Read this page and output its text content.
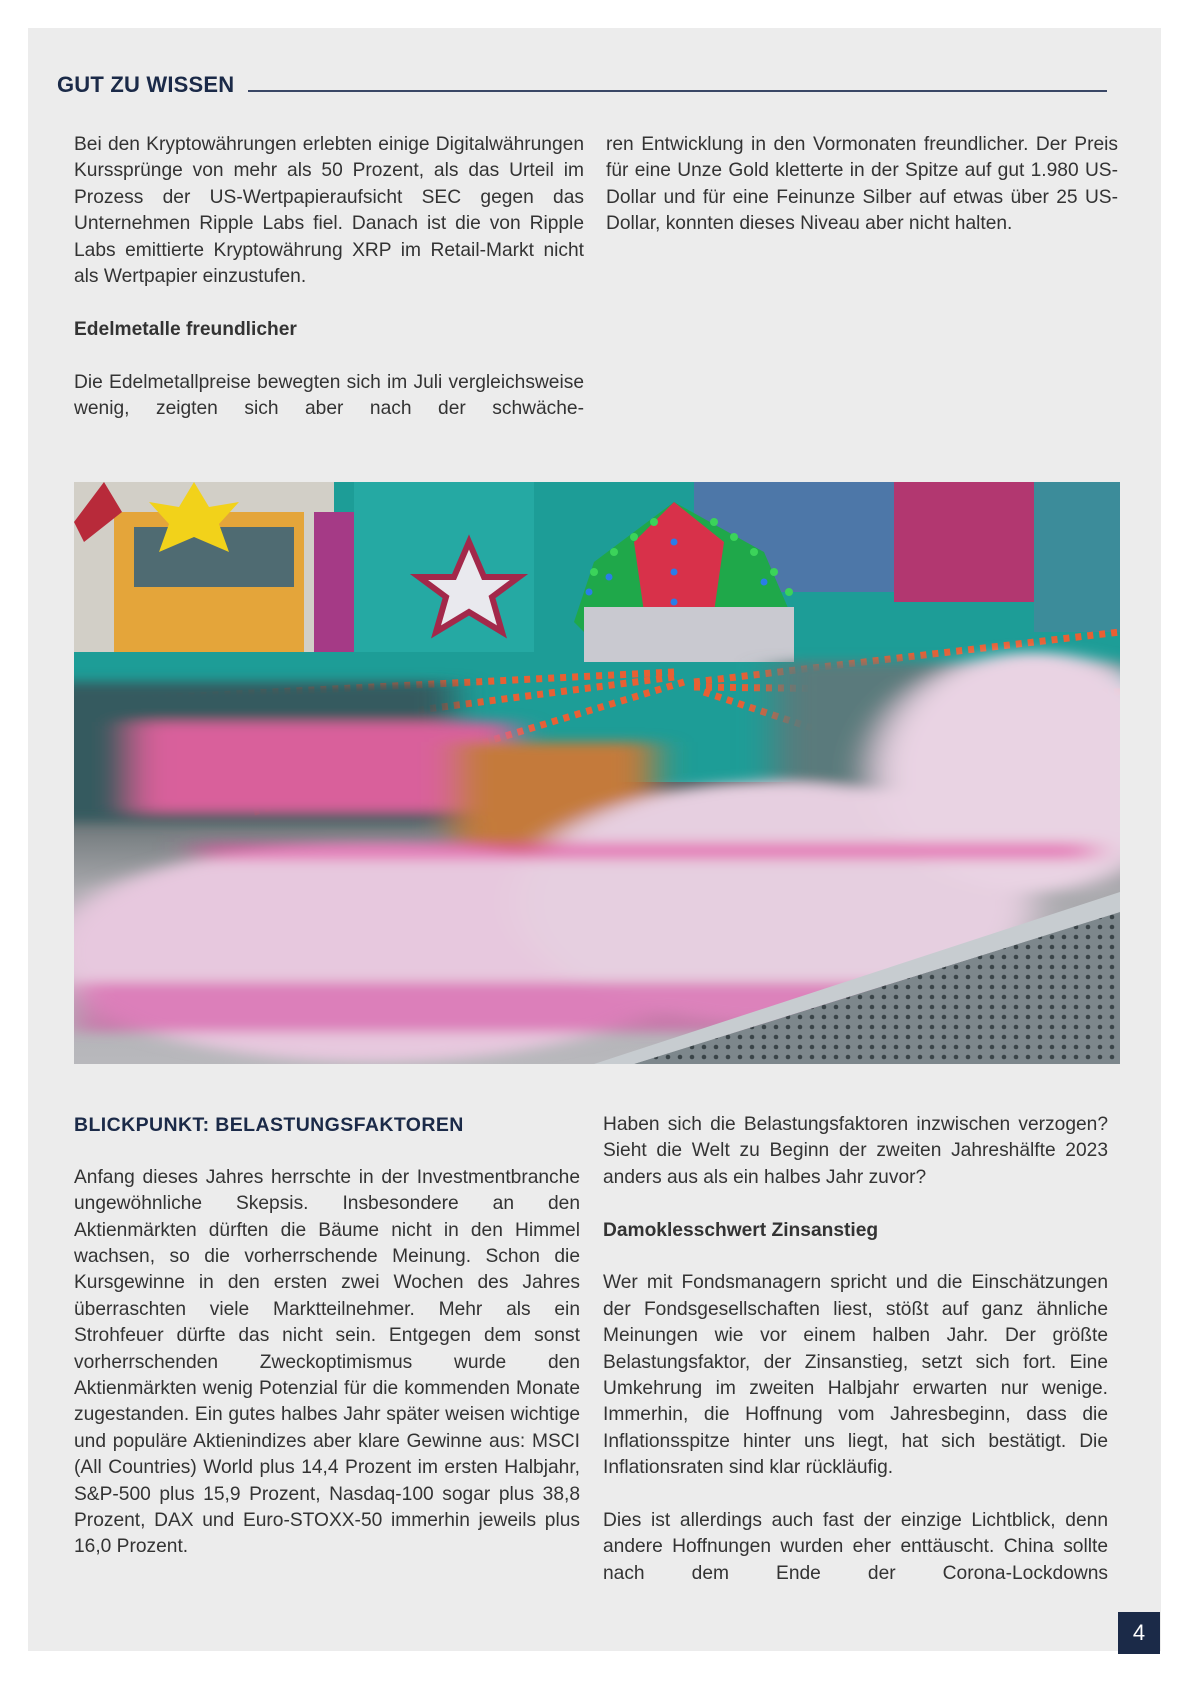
GUT ZU WISSEN

Bei den Kryptowährungen erlebten einige Digitalwährungen Kurssprünge von mehr als 50 Prozent, als das Urteil im Prozess der US-Wertpapieraufsicht SEC gegen das Unternehmen Ripple Labs fiel. Danach ist die von Ripple Labs emittierte Kryptowährung XRP im Retail-Markt nicht als Wertpapier einzustufen.

Edelmetalle freundlicher

Die Edelmetallpreise bewegten sich im Juli vergleichsweise wenig, zeigten sich aber nach der schwäche-

ren Entwicklung in den Vormonaten freundlicher. Der Preis für eine Unze Gold kletterte in der Spitze auf gut 1.980 US-Dollar und für eine Feinunze Silber auf etwas über 25 US-Dollar, konnten dieses Niveau aber nicht halten.

BLICKPUNKT: BELASTUNGSFAKTOREN

Anfang dieses Jahres herrschte in der Investmentbranche ungewöhnliche Skepsis. Insbesondere an den Aktienmärkten dürften die Bäume nicht in den Himmel wachsen, so die vorherrschende Meinung. Schon die Kursgewinne in den ersten zwei Wochen des Jahres überraschten viele Marktteilnehmer. Mehr als ein Strohfeuer dürfte das nicht sein. Entgegen dem sonst vorherrschenden Zweckoptimismus wurde den Aktienmärkten wenig Potenzial für die kommenden Monate zugestanden. Ein gutes halbes Jahr später weisen wichtige und populäre Aktienindizes aber klare Gewinne aus: MSCI (All Countries) World plus 14,4 Prozent im ersten Halbjahr, S&P-500 plus 15,9 Prozent, Nasdaq-100 sogar plus 38,8 Prozent, DAX und Euro-STOXX-50 immerhin jeweils plus 16,0 Prozent.

Haben sich die Belastungsfaktoren inzwischen verzogen? Sieht die Welt zu Beginn der zweiten Jahreshälfte 2023 anders aus als ein halbes Jahr zuvor?

Damoklesschwert Zinsanstieg

Wer mit Fondsmanagern spricht und die Einschätzungen der Fondsgesellschaften liest, stößt auf ganz ähnliche Meinungen wie vor einem halben Jahr. Der größte Belastungsfaktor, der Zinsanstieg, setzt sich fort. Eine Umkehrung im zweiten Halbjahr erwarten nur wenige. Immerhin, die Hoffnung vom Jahresbeginn, dass die Inflationsspitze hinter uns liegt, hat sich bestätigt. Die Inflationsraten sind klar rückläufig.

Dies ist allerdings auch fast der einzige Lichtblick, denn andere Hoffnungen wurden eher enttäuscht. China sollte nach dem Ende der Corona-Lockdowns

4
